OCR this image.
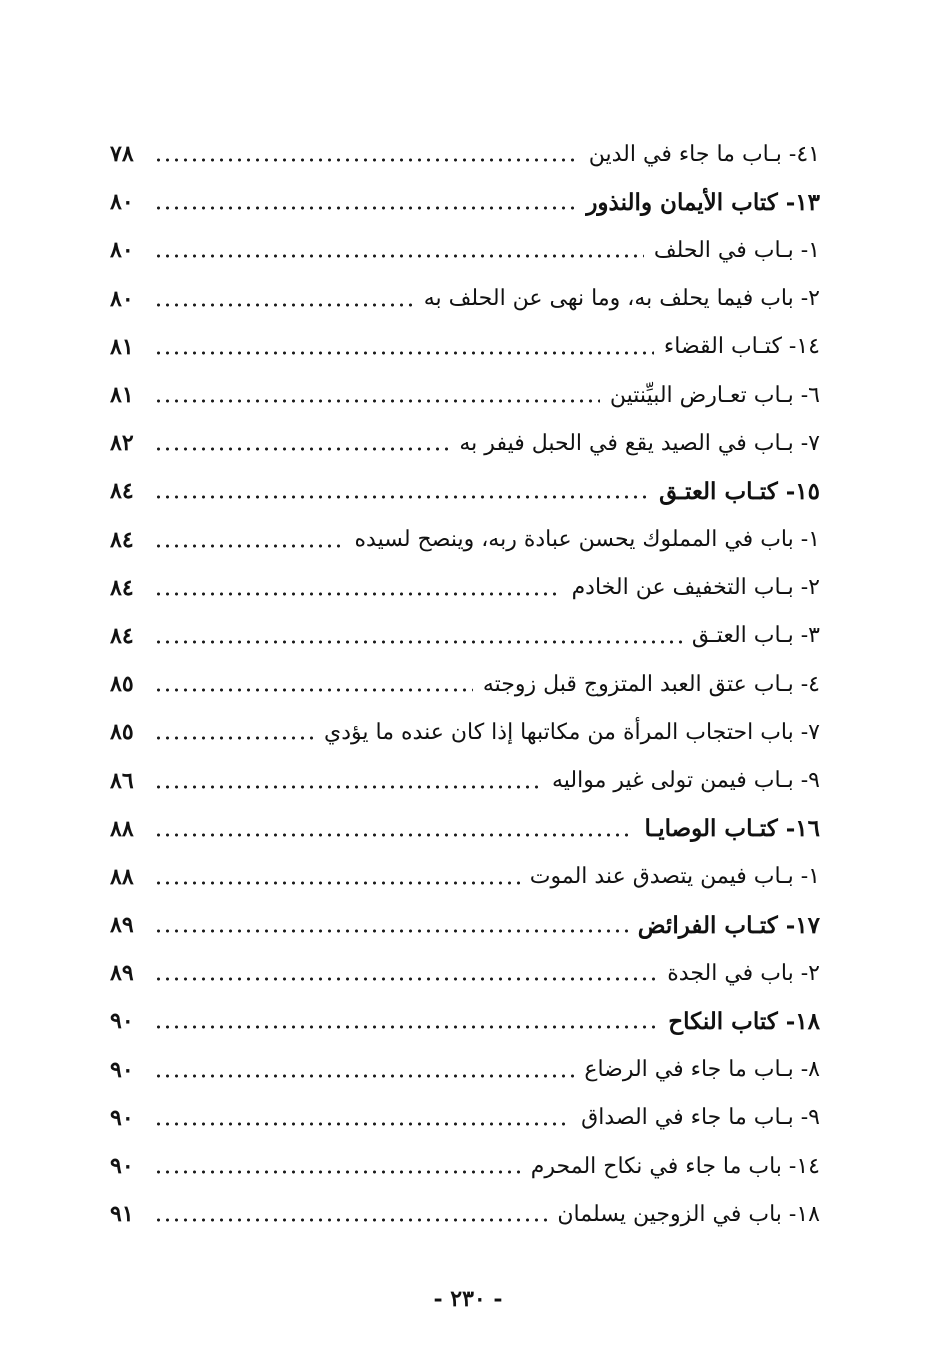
٤١- بـاب ما جاء في الدين
٧٨
١٣- كتاب الأيمان والنذور
٨٠
١- بـاب في الحلف
٨٠
٢- باب فيما يحلف به، وما نهى عن الحلف به
٨٠
١٤- كتـاب القضاء
٨١
٦- بـاب تعـارض البيِّنتين
٨١
٧- بـاب في الصيد يقع في الحبل فيفر به
٨٢
١٥- كتـاب العتـق
٨٤
١- باب في المملوك يحسن عبادة ربه، وينصح لسيده
٨٤
٢- بـاب التخفيف عن الخادم
٨٤
٣- بـاب العتـق
٨٤
٤- بـاب عتق العبد المتزوج قبل زوجته
٨٥
٧- باب احتجاب المرأة من مكاتبها إذا كان عنده ما يؤدي
٨٥
٩- بـاب فيمن تولى غير مواليه
٨٦
١٦- كتـاب الوصايـا
٨٨
١- بـاب فيمن يتصدق عند الموت
٨٨
١٧- كتـاب الفرائض
٨٩
٢- باب في الجدة
٨٩
١٨- كتاب النكاح
٩٠
٨- بـاب ما جاء في الرضاع
٩٠
٩- بـاب ما جاء في الصداق
٩٠
١٤- باب ما جاء في نكاح المحرم
٩٠
١٨- باب في الزوجين يسلمان
٩١
- ٢٣٠ -
